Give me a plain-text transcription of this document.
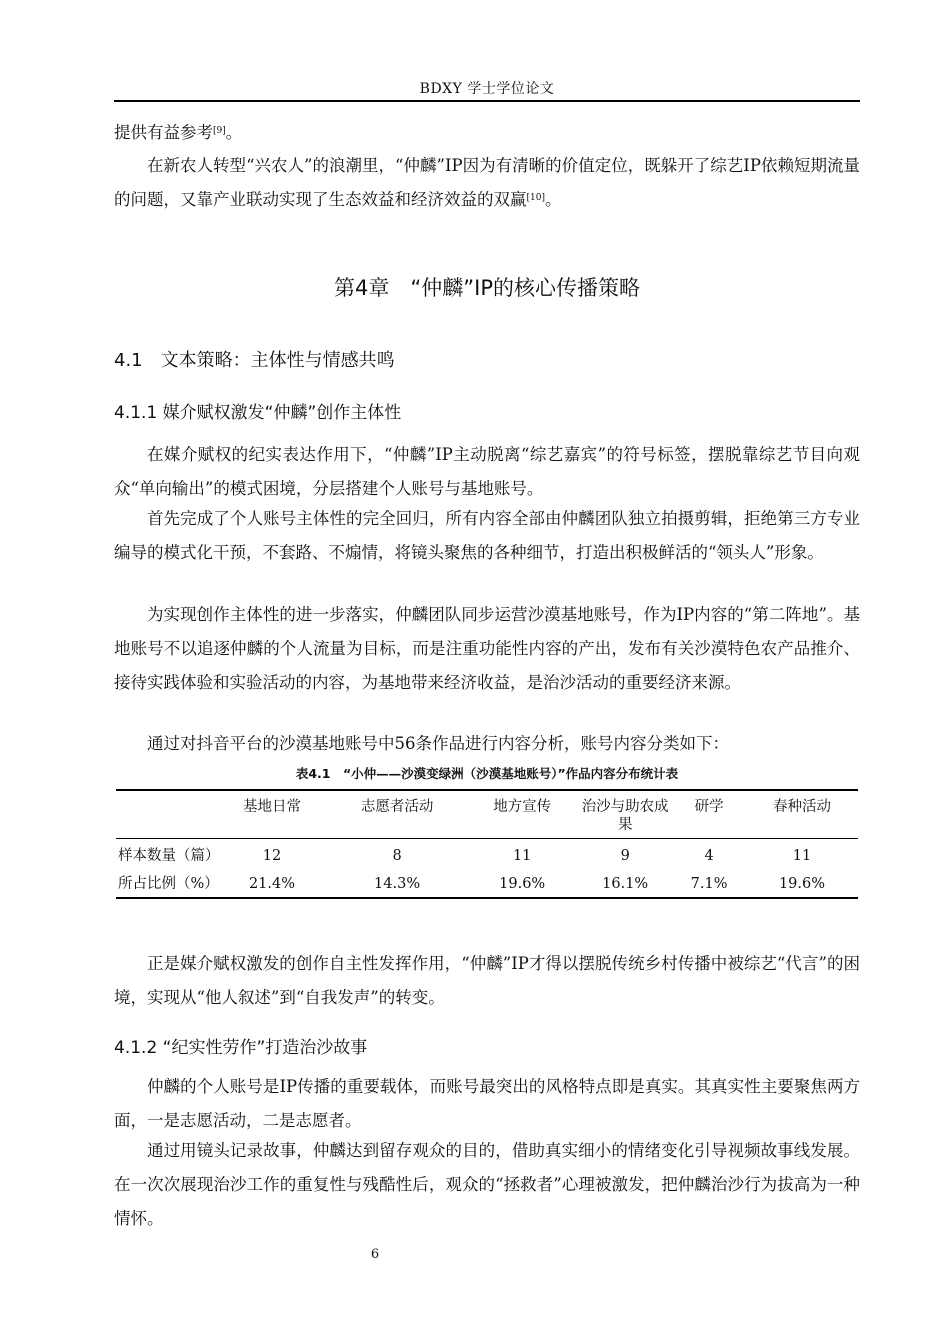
BDXY 学士学位论文

提供有益参考[9]。

在新农人转型“兴农人”的浪潮里，“仲麟”IP因为有清晰的价值定位，既躲开了综艺IP依赖短期流量的问题，又靠产业联动实现了生态效益和经济效益的双赢[10]。

第4章　“仲麟”IP的核心传播策略
4.1　文本策略：主体性与情感共鸣
4.1.1 媒介赋权激发“仲麟”创作主体性

在媒介赋权的纪实表达作用下，“仲麟”IP主动脱离“综艺嘉宾”的符号标签，摆脱靠综艺节目向观众“单向输出”的模式困境，分层搭建个人账号与基地账号。

首先完成了个人账号主体性的完全回归，所有内容全部由仲麟团队独立拍摄剪辑，拒绝第三方专业编导的模式化干预，不套路、不煽情，将镜头聚焦的各种细节，打造出积极鲜活的“领头人”形象。

为实现创作主体性的进一步落实，仲麟团队同步运营沙漠基地账号，作为IP内容的“第二阵地”。基地账号不以追逐仲麟的个人流量为目标，而是注重功能性内容的产出，发布有关沙漠特色农产品推介、接待实践体验和实验活动的内容，为基地带来经济收益，是治沙活动的重要经济来源。

通过对抖音平台的沙漠基地账号中56条作品进行内容分析，账号内容分类如下：

表4.1　“小仲——沙漠变绿洲（沙漠基地账号）”作品内容分布统计表
	基地日常	志愿者活动	地方宣传	治沙与助农成果	研学	春种活动
样本数量（篇）	12	8	11	9	4	11
所占比例（%）	21.4%	14.3%	19.6%	16.1%	7.1%	19.6%

正是媒介赋权激发的创作自主性发挥作用，“仲麟”IP才得以摆脱传统乡村传播中被综艺“代言”的困境，实现从“他人叙述”到“自我发声”的转变。

4.1.2 “纪实性劳作”打造治沙故事

仲麟的个人账号是IP传播的重要载体，而账号最突出的风格特点即是真实。其真实性主要聚焦两方面，一是志愿活动，二是志愿者。

通过用镜头记录故事，仲麟达到留存观众的目的，借助真实细小的情绪变化引导视频故事线发展。在一次次展现治沙工作的重复性与残酷性后，观众的“拯救者”心理被激发，把仲麟治沙行为拔高为一种情怀。

6
